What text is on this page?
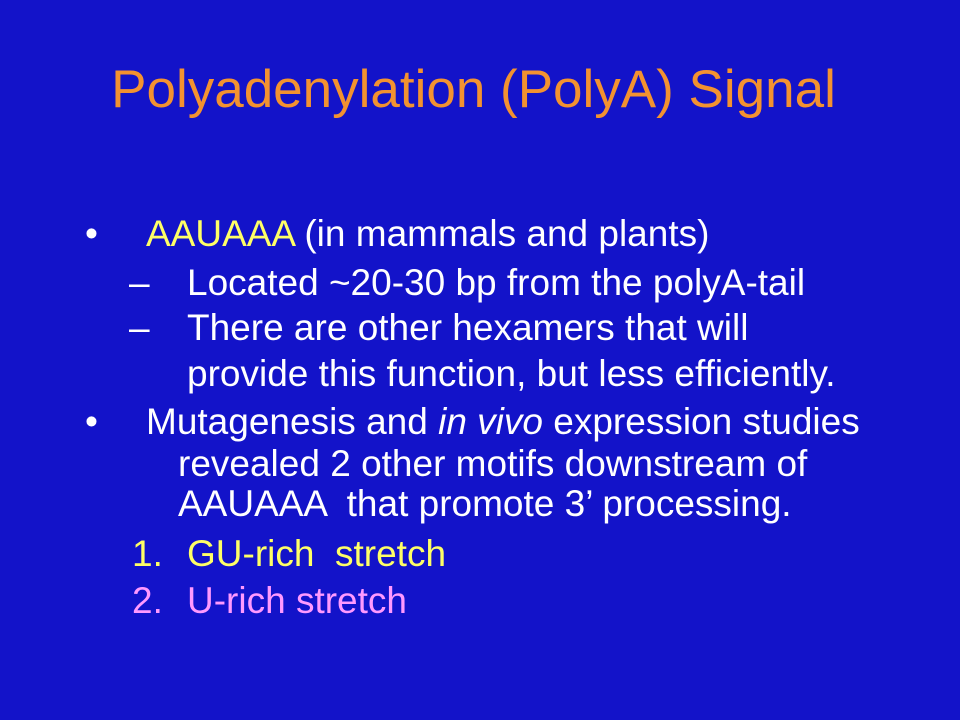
Polyadenylation (PolyA) Signal
• AAUAAA (in mammals and plants)
– Located ~20-30 bp from the polyA-tail
– There are other hexamers that will
provide this function, but less efficiently.
• Mutagenesis and in vivo expression studies
revealed 2 other motifs downstream of
AAUAAA  that promote 3’ processing.
1. GU-rich  stretch
2. U-rich stretch
